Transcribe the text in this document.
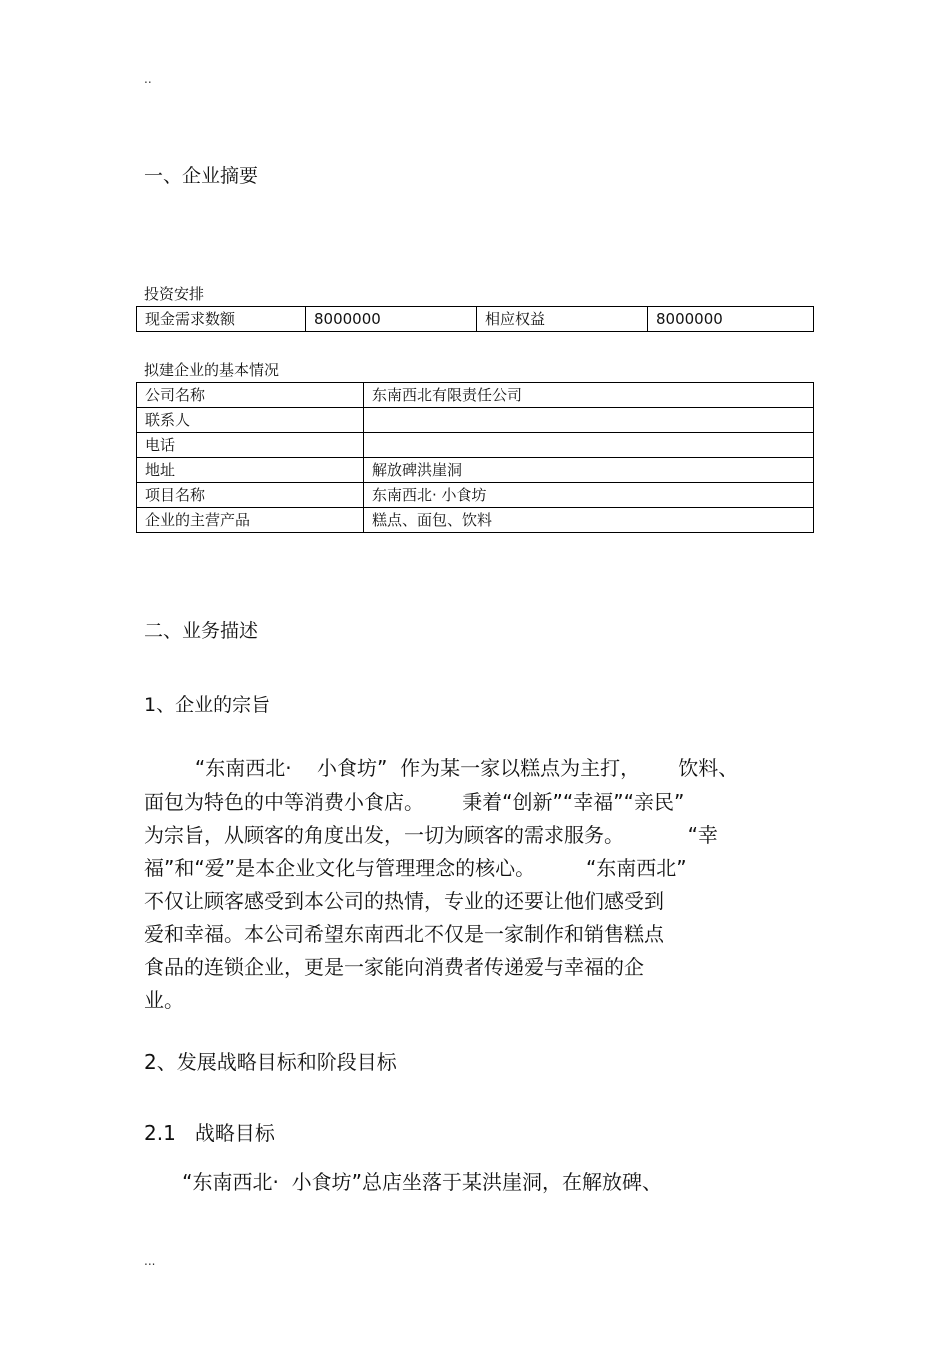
..
一、企业摘要
投资安排
现金需求数额	8000000	相应权益	8000000
拟建企业的基本情况
公司名称	东南西北有限责任公司
联系人	
电话	
地址	解放碑洪崖洞
项目名称	东南西北· 小食坊
企业的主营产品	糕点、面包、饮料
二、业务描述
1、企业的宗旨
“东南西北·    小食坊”  作为某一家以糕点为主打，      饮料、
面包为特色的中等消费小食店。      秉着“创新”“幸福”“亲民”
为宗旨，从顾客的角度出发，一切为顾客的需求服务。          “幸
福”和“爱”是本企业文化与管理理念的核心。        “东南西北”
不仅让顾客感受到本公司的热情，专业的还要让他们感受到
爱和幸福。本公司希望东南西北不仅是一家制作和销售糕点
食品的连锁企业，更是一家能向消费者传递爱与幸福的企
业。
2、发展战略目标和阶段目标
2.1   战略目标
“东南西北·  小食坊”总店坐落于某洪崖洞，在解放碑、
...
